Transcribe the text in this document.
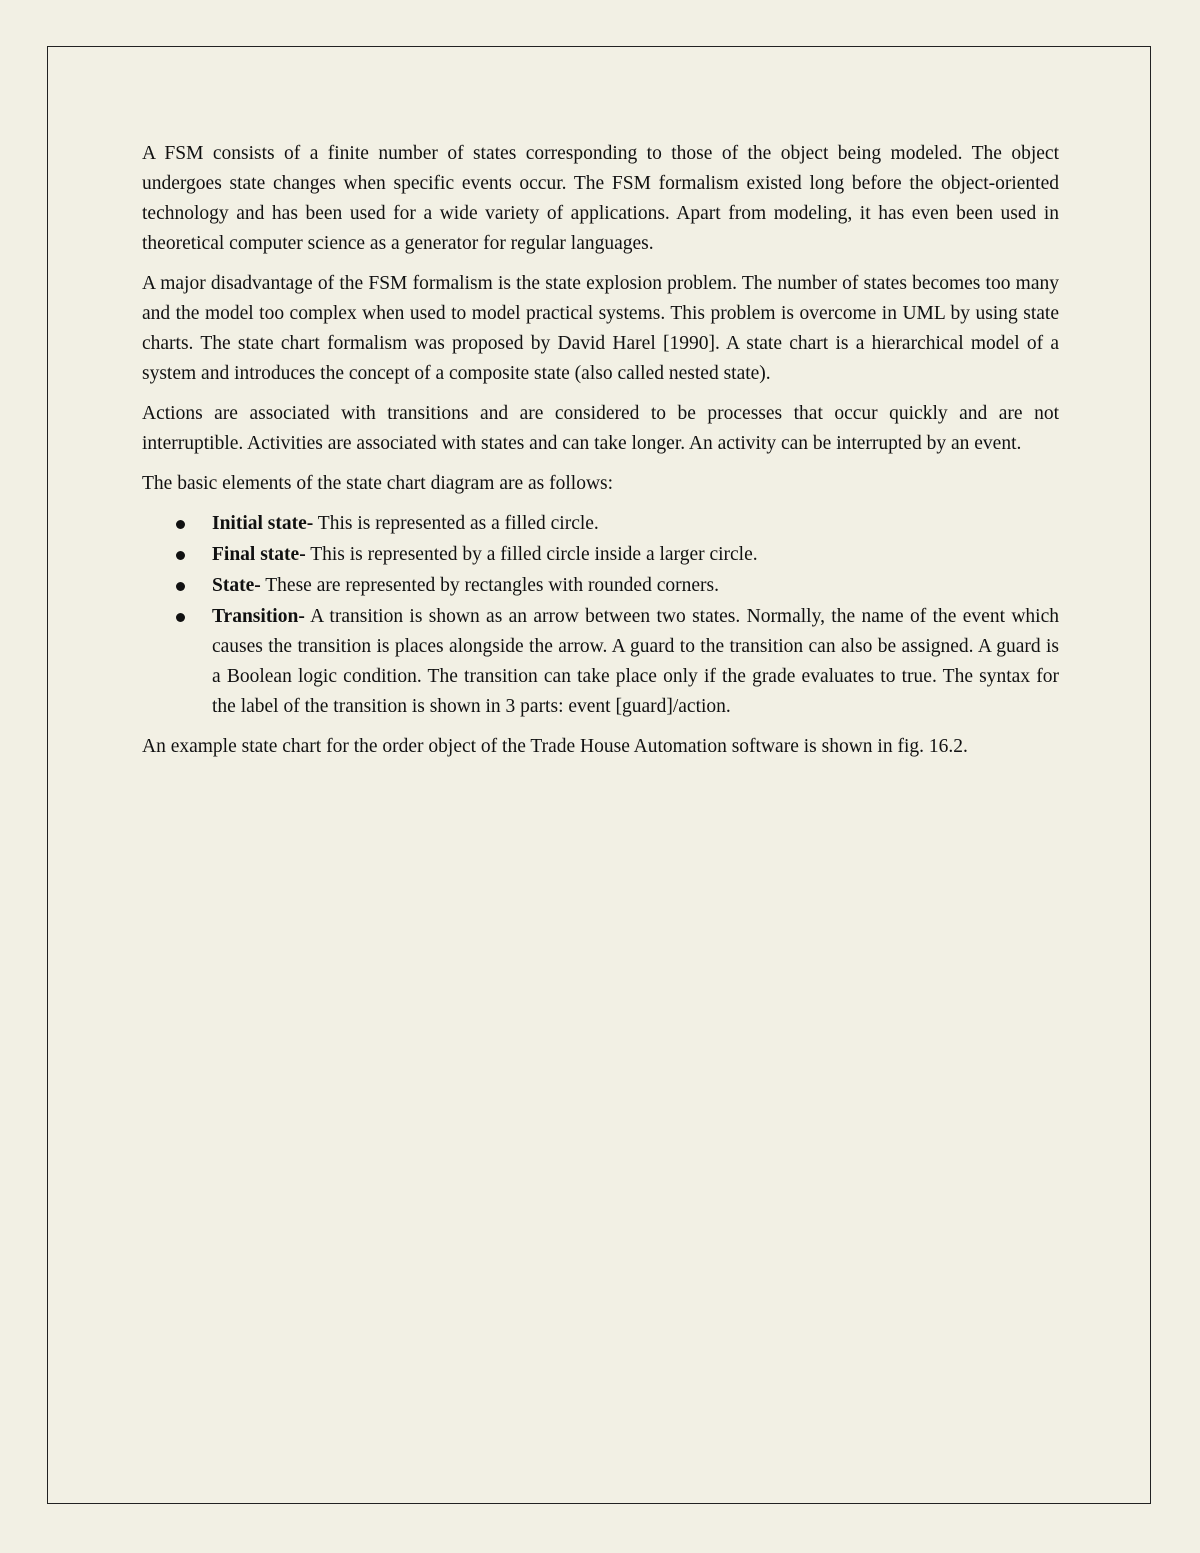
A FSM consists of a finite number of states corresponding to those of the object being modeled. The object undergoes state changes when specific events occur. The FSM formalism existed long before the object-oriented technology and has been used for a wide variety of applications. Apart from modeling, it has even been used in theoretical computer science as a generator for regular languages.

A major disadvantage of the FSM formalism is the state explosion problem. The number of states becomes too many and the model too complex when used to model practical systems. This problem is overcome in UML by using state charts. The state chart formalism was proposed by David Harel [1990]. A state chart is a hierarchical model of a system and introduces the concept of a composite state (also called nested state).

Actions are associated with transitions and are considered to be processes that occur quickly and are not interruptible. Activities are associated with states and can take longer. An activity can be interrupted by an event.

The basic elements of the state chart diagram are as follows:

Initial state- This is represented as a filled circle.
Final state- This is represented by a filled circle inside a larger circle.
State- These are represented by rectangles with rounded corners.
Transition- A transition is shown as an arrow between two states. Normally, the name of the event which causes the transition is places alongside the arrow. A guard to the transition can also be assigned. A guard is a Boolean logic condition. The transition can take place only if the grade evaluates to true. The syntax for the label of the transition is shown in 3 parts: event [guard]/action.

An example state chart for the order object of the Trade House Automation software is shown in fig. 16.2.
